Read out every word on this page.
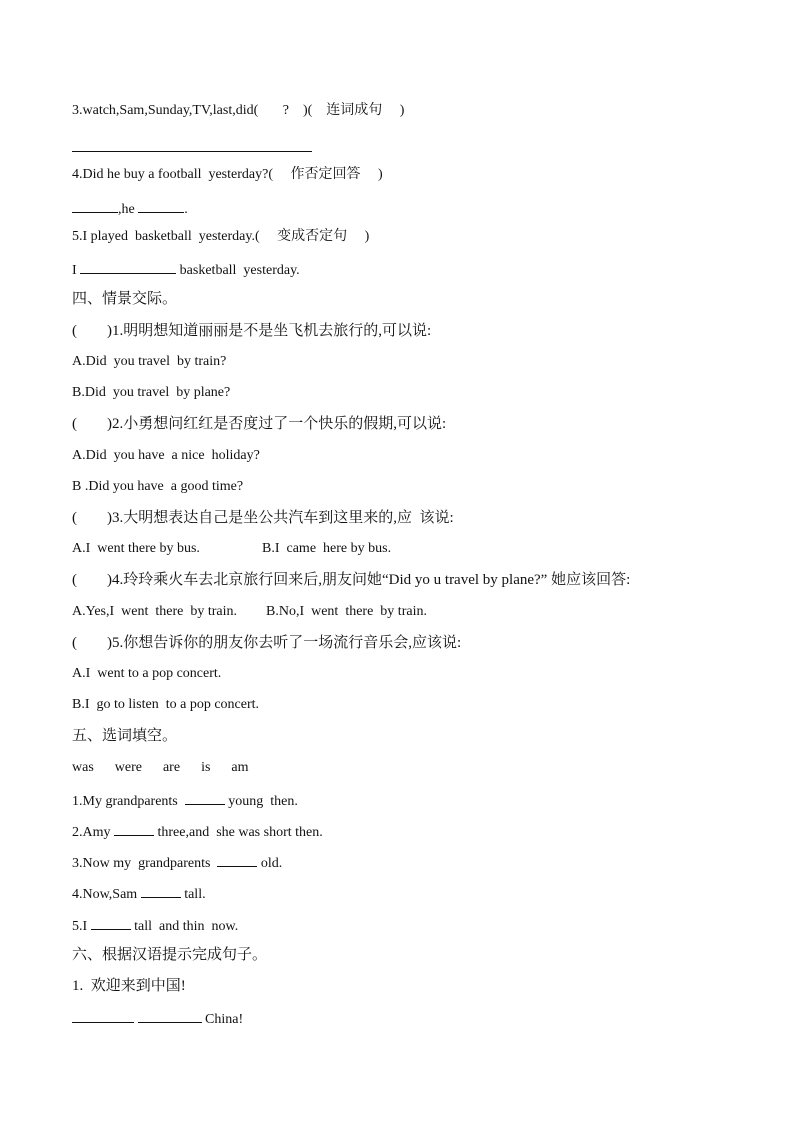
3.watch,Sam,Sunday,TV,last,did(       ?    )(    连词成句     )
4.Did he buy a football  yesterday?(     作否定回答     )
,he	.
5.I played  basketball  yesterday.(     变成否定句     )
I	basketball  yesterday.
四、情景交际。
(        )1.明明想知道丽丽是不是坐飞机去旅行的,可以说:
A.Did  you travel  by train?
B.Did  you travel  by plane?
(        )2.小勇想问红红是否度过了一个快乐的假期,可以说:
A.Did  you have  a nice  holiday?
B .Did you have  a good time?
(        )3.大明想表达自己是坐公共汽车到这里来的,应  该说:
A.I  went there by bus.	B.I  came  here by bus.
(        )4.玲玲乘火车去北京旅行回来后,朋友问她“Did yo u travel by plane?” 她应该回答:
A.Yes,I  went  there  by train. B.No,I  went  there  by train.
(        )5.你想告诉你的朋友你去听了一场流行音乐会,应该说:
A.I  went to a pop concert.
B.I  go to listen  to a pop concert.
五、选词填空。
was      were      are      is      am
1.My grandparents	young  then.
2.Amy	three,and  she was short then.
3.Now my  grandparents	old.
4.Now,Sam	tall.
5.I	tall  and thin  now.
六、根据汉语提示完成句子。
1.  欢迎来到中国!
China!
